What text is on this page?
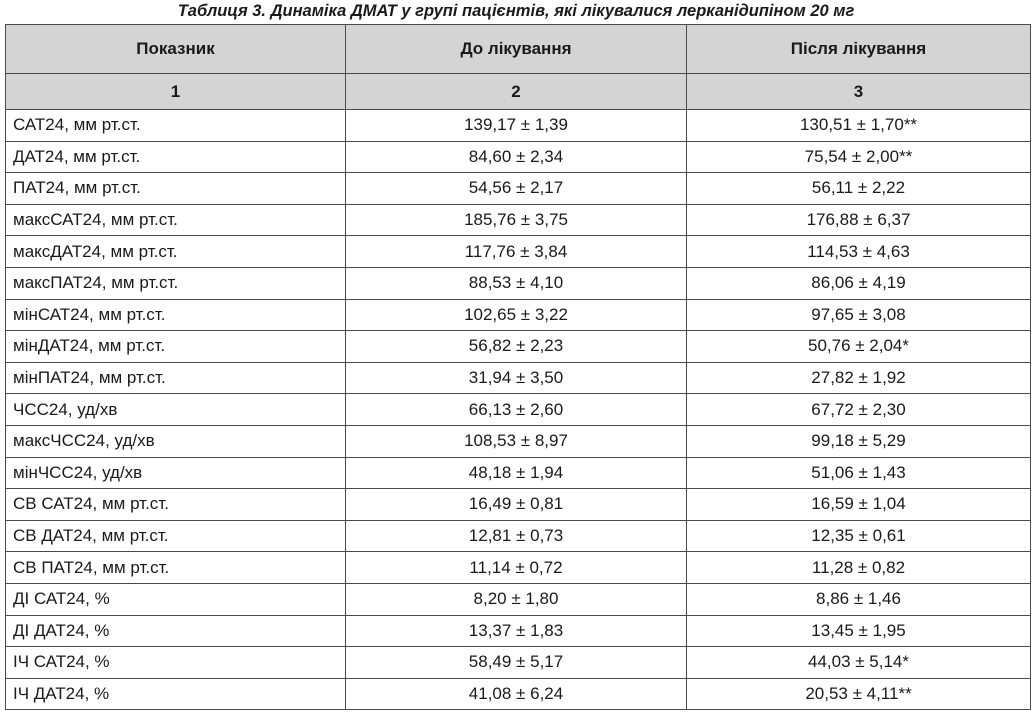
Таблиця 3. Динаміка ДМАТ у групі пацієнтів, які лікувалися лерканідипіном 20 мг
Показник	До лікування	Після лікування
1	2	3
САТ24, мм рт.ст.	139,17 ± 1,39	130,51 ± 1,70**
ДАТ24, мм рт.ст.	84,60 ± 2,34	75,54 ± 2,00**
ПАТ24, мм рт.ст.	54,56 ± 2,17	56,11 ± 2,22
максСАТ24, мм рт.ст.	185,76 ± 3,75	176,88 ± 6,37
максДАТ24, мм рт.ст.	117,76 ± 3,84	114,53 ± 4,63
максПАТ24, мм рт.ст.	88,53 ± 4,10	86,06 ± 4,19
мінСАТ24, мм рт.ст.	102,65 ± 3,22	97,65 ± 3,08
мінДАТ24, мм рт.ст.	56,82 ± 2,23	50,76 ± 2,04*
мінПАТ24, мм рт.ст.	31,94 ± 3,50	27,82 ± 1,92
ЧСС24, уд/хв	66,13 ± 2,60	67,72 ± 2,30
максЧСС24, уд/хв	108,53 ± 8,97	99,18 ± 5,29
мінЧСС24, уд/хв	48,18 ± 1,94	51,06 ± 1,43
СВ САТ24, мм рт.ст.	16,49 ± 0,81	16,59 ± 1,04
СВ ДАТ24, мм рт.ст.	12,81 ± 0,73	12,35 ± 0,61
СВ ПАТ24, мм рт.ст.	11,14 ± 0,72	11,28 ± 0,82
ДІ САТ24, %	8,20 ± 1,80	8,86 ± 1,46
ДІ ДАТ24, %	13,37 ± 1,83	13,45 ± 1,95
ІЧ САТ24, %	58,49 ± 5,17	44,03 ± 5,14*
ІЧ ДАТ24, %	41,08 ± 6,24	20,53 ± 4,11**
